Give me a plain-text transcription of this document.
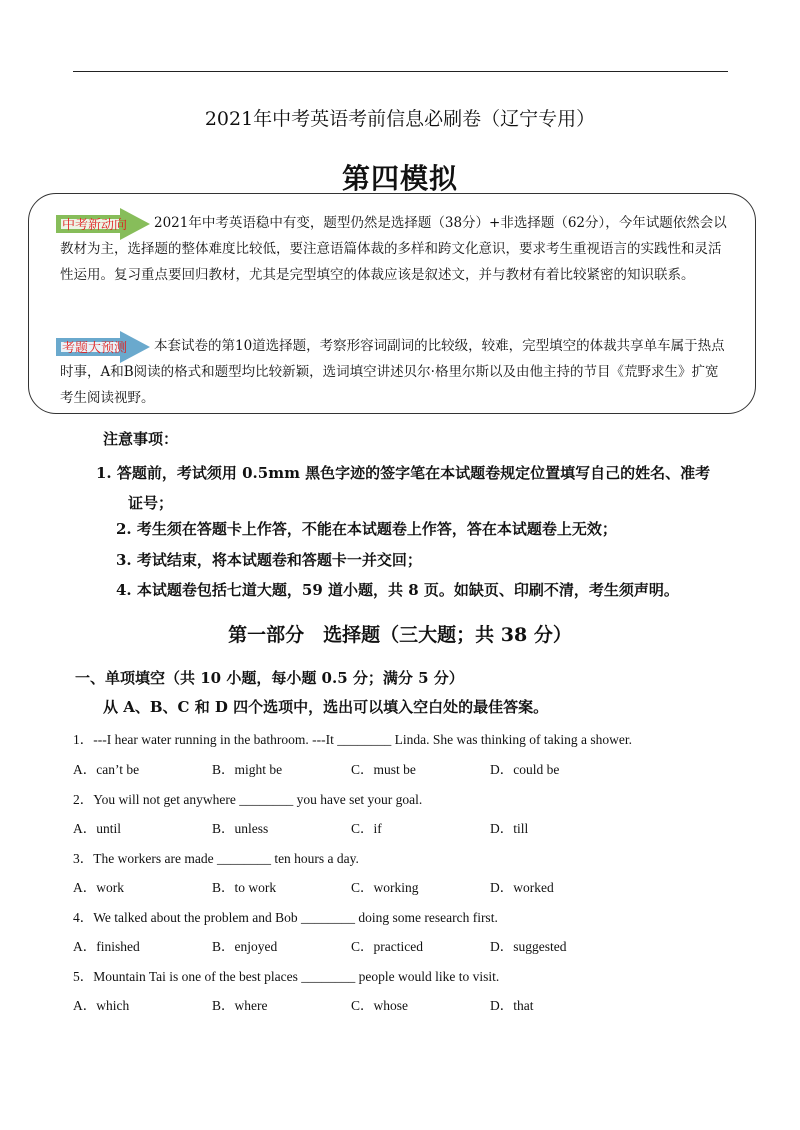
2021年中考英语考前信息必刷卷（辽宁专用）
第四模拟
中考新动向 2021年中考英语稳中有变，题型仍然是选择题（38分）+非选择题（62分），今年试题依然会以教材为主，选择题的整体难度比较低，要注意语篇体裁的多样和跨文化意识，要求考生重视语言的实践性和灵活性运用。复习重点要回归教材，尤其是完型填空的体裁应该是叙述文，并与教材有着比较紧密的知识联系。
考题大预测 本套试卷的第10道选择题，考察形容词副词的比较级，较难，完型填空的体裁共享单车属于热点时事，A和B阅读的格式和题型均比较新颖，选词填空讲述贝尔·格里尔斯以及由他主持的节目《荒野求生》扩宽考生阅读视野。
注意事项：
1. 答题前，考试须用 0.5mm 黑色字迹的签字笔在本试题卷规定位置填写自己的姓名、准考
证号；
2. 考生须在答题卡上作答，不能在本试题卷上作答，答在本试题卷上无效；
3. 考试结束，将本试题卷和答题卡一并交回；
4. 本试题卷包括七道大题，59 道小题，共 8 页。如缺页、印刷不清，考生须声明。
第一部分　选择题（三大题；共 38 分）
一、单项填空（共 10 小题，每小题 0.5 分；满分 5 分）
从 A、B、C 和 D 四个选项中，选出可以填入空白处的最佳答案。
1．---I hear water running in the bathroom. ---It ________ Linda. She was thinking of taking a shower.
A．can’t be	B．might be	C．must be	D．could be
2．You will not get anywhere ________ you have set your goal.
A．until	B．unless	C．if	D．till
3．The workers are made ________ ten hours a day.
A．work	B．to work	C．working	D．worked
4．We talked about the problem and Bob ________ doing some research first.
A．finished	B．enjoyed	C．practiced	D．suggested
5．Mountain Tai is one of the best places ________ people would like to visit.
A．which	B．where	C．whose	D．that
